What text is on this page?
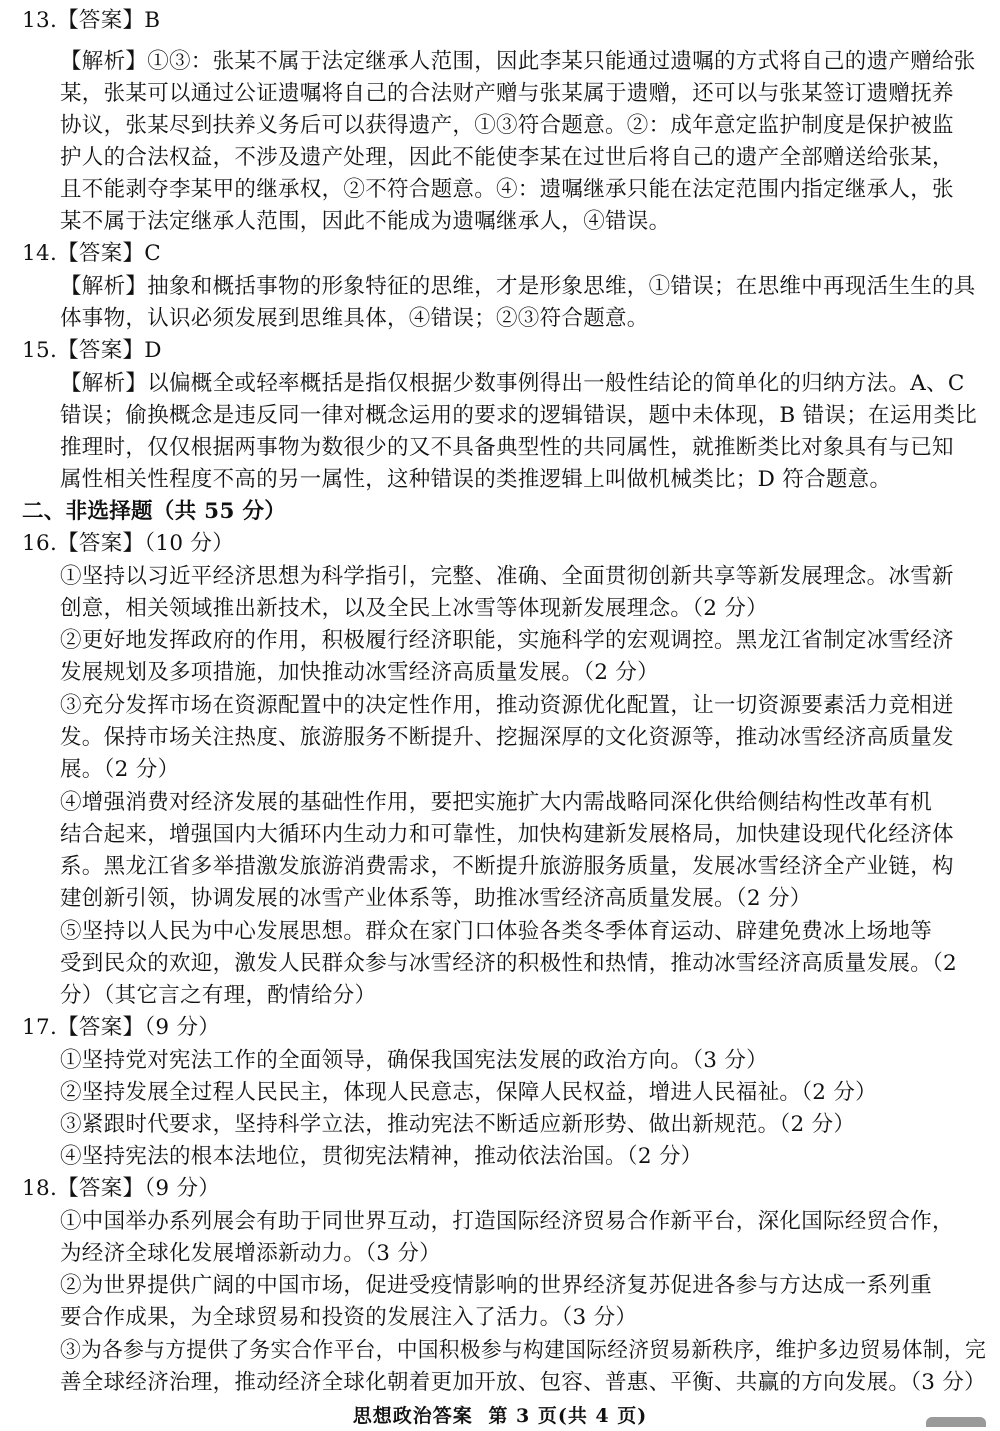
13.【答案】B
【解析】①③：张某不属于法定继承人范围，因此李某只能通过遗嘱的方式将自己的遗产赠给张
某，张某可以通过公证遗嘱将自己的合法财产赠与张某属于遗赠，还可以与张某签订遗赠抚养
协议，张某尽到扶养义务后可以获得遗产，①③符合题意。②：成年意定监护制度是保护被监
护人的合法权益，不涉及遗产处理，因此不能使李某在过世后将自己的遗产全部赠送给张某，
且不能剥夺李某甲的继承权，②不符合题意。④：遗嘱继承只能在法定范围内指定继承人，张
某不属于法定继承人范围，因此不能成为遗嘱继承人，④错误。
14.【答案】C
【解析】抽象和概括事物的形象特征的思维，才是形象思维，①错误；在思维中再现活生生的具
体事物，认识必须发展到思维具体，④错误；②③符合题意。
15.【答案】D
【解析】以偏概全或轻率概括是指仅根据少数事例得出一般性结论的简单化的归纳方法。A、C
错误；偷换概念是违反同一律对概念运用的要求的逻辑错误，题中未体现，B 错误；在运用类比
推理时，仅仅根据两事物为数很少的又不具备典型性的共同属性，就推断类比对象具有与已知
属性相关性程度不高的另一属性，这种错误的类推逻辑上叫做机械类比；D 符合题意。
二、非选择题（共 55 分）
16.【答案】（10 分）
①坚持以习近平经济思想为科学指引，完整、准确、全面贯彻创新共享等新发展理念。冰雪新
创意，相关领域推出新技术，以及全民上冰雪等体现新发展理念。（2 分）
②更好地发挥政府的作用，积极履行经济职能，实施科学的宏观调控。黑龙江省制定冰雪经济
发展规划及多项措施，加快推动冰雪经济高质量发展。（2 分）
③充分发挥市场在资源配置中的决定性作用，推动资源优化配置，让一切资源要素活力竞相迸
发。保持市场关注热度、旅游服务不断提升、挖掘深厚的文化资源等，推动冰雪经济高质量发
展。（2 分）
④增强消费对经济发展的基础性作用，要把实施扩大内需战略同深化供给侧结构性改革有机
结合起来，增强国内大循环内生动力和可靠性，加快构建新发展格局，加快建设现代化经济体
系。黑龙江省多举措激发旅游消费需求，不断提升旅游服务质量，发展冰雪经济全产业链，构
建创新引领，协调发展的冰雪产业体系等，助推冰雪经济高质量发展。（2 分）
⑤坚持以人民为中心发展思想。群众在家门口体验各类冬季体育运动、辟建免费冰上场地等
受到民众的欢迎，激发人民群众参与冰雪经济的积极性和热情，推动冰雪经济高质量发展。（2
分）（其它言之有理，酌情给分）
17.【答案】（9 分）
①坚持党对宪法工作的全面领导，确保我国宪法发展的政治方向。（3 分）
②坚持发展全过程人民民主，体现人民意志，保障人民权益，增进人民福祉。（2 分）
③紧跟时代要求，坚持科学立法，推动宪法不断适应新形势、做出新规范。（2 分）
④坚持宪法的根本法地位，贯彻宪法精神，推动依法治国。（2 分）
18.【答案】（9 分）
①中国举办系列展会有助于同世界互动，打造国际经济贸易合作新平台，深化国际经贸合作，
为经济全球化发展增添新动力。（3 分）
②为世界提供广阔的中国市场，促进受疫情影响的世界经济复苏促进各参与方达成一系列重
要合作成果，为全球贸易和投资的发展注入了活力。（3 分）
③为各参与方提供了务实合作平台，中国积极参与构建国际经济贸易新秩序，维护多边贸易体制，完
善全球经济治理，推动经济全球化朝着更加开放、包容、普惠、平衡、共赢的方向发展。（3 分）
思想政治答案 第 3 页(共 4 页)
